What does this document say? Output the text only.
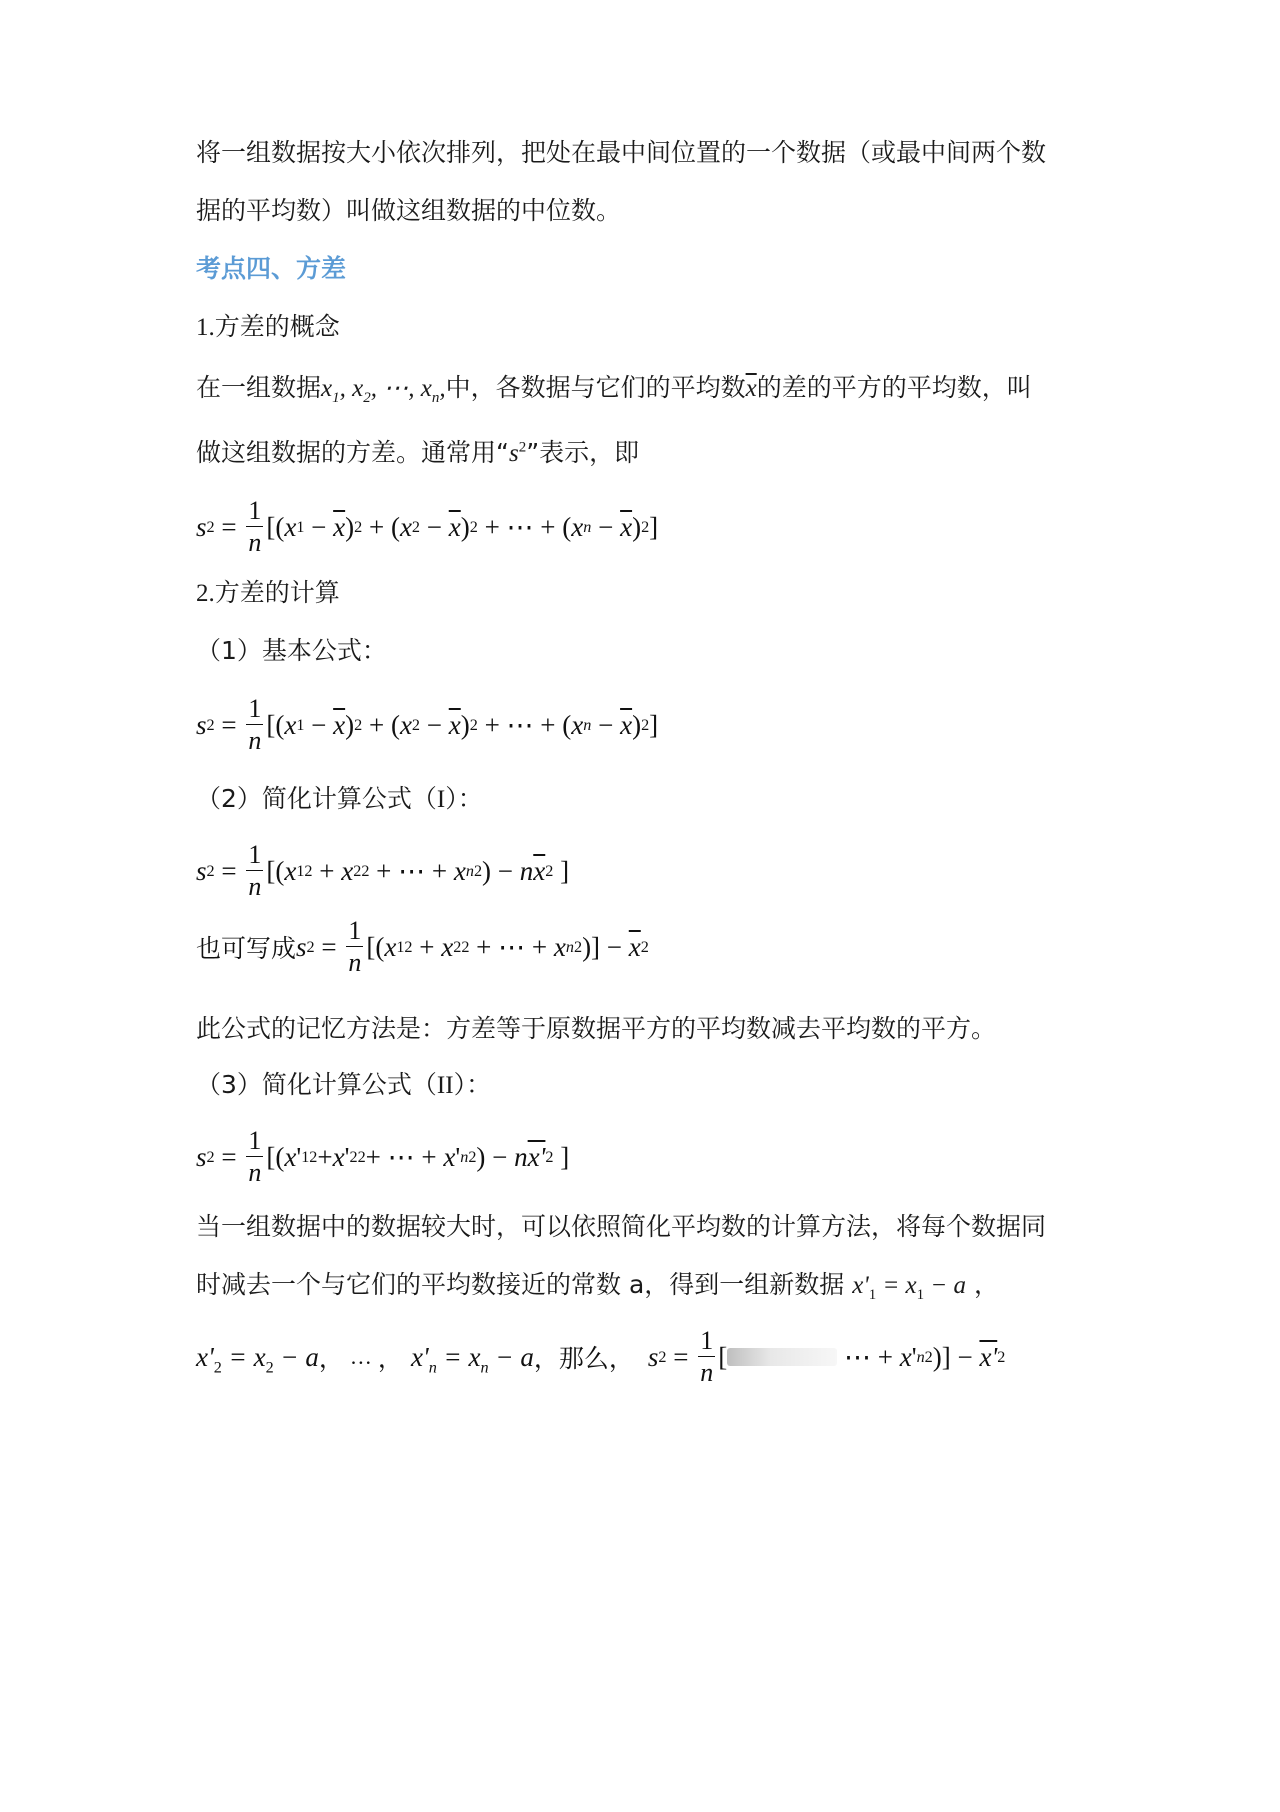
将一组数据按大小依次排列，把处在最中间位置的一个数据（或最中间两个数
据的平均数）叫做这组数据的中位数。
考点四、方差
1.方差的概念
在一组数据$x_1$, $x_2$, ⋯, $x_n$,中，各数据与它们的平均数$\overline{x}$的差的平方的平均数，叫
做这组数据的方差。通常用“$s^2$”表示，即
s $2 = \frac{1}{n}$ [( x $1 - \overline{x}$ ) 2 + ( x $2 - \overline{x}$ ) 2 + ⋯ + ( x $n - \overline{x}$ ) 2 ]
2.方差的计算
（1）基本公式：
s $2 = \frac{1}{n}$ [( x $1 - \overline{x}$ ) 2 + ( x $2 - \overline{x}$ ) 2 + ⋯ + ( x $n - \overline{x}$ ) 2 ]
（2）简化计算公式（I）：
s $2 = \frac{1}{n}$ [( x 1 2 + x 2 2 + ⋯ + x n 2 ) − n $\overline{x}$ 2 ]
也可写成 s $2 = \frac{1}{n}$ [( x 1 2 + x 2 2 + ⋯ + x n 2 )] − $\overline{x}$ 2
此公式的记忆方法是：方差等于原数据平方的平均数减去平均数的平方。
（3）简化计算公式（II）：
s $2 = \frac{1}{n}$ [( x ' 1 2 + x ' 2 2 + ⋯ + x ' n 2 ) − n x' 2 ]
当一组数据中的数据较大时，可以依照简化平均数的计算方法，将每个数据同
时减去一个与它们的平均数接近的常数 a，得到一组新数据 $x'_1 = x_1 - a$ ，
$x'_2 = x_2 - a$ ， … ， $x'_n = x_n - a$ ， 那么， s $2 = \frac{1}{n}$ [	⋯ + x ' n 2 )] − x' 2
